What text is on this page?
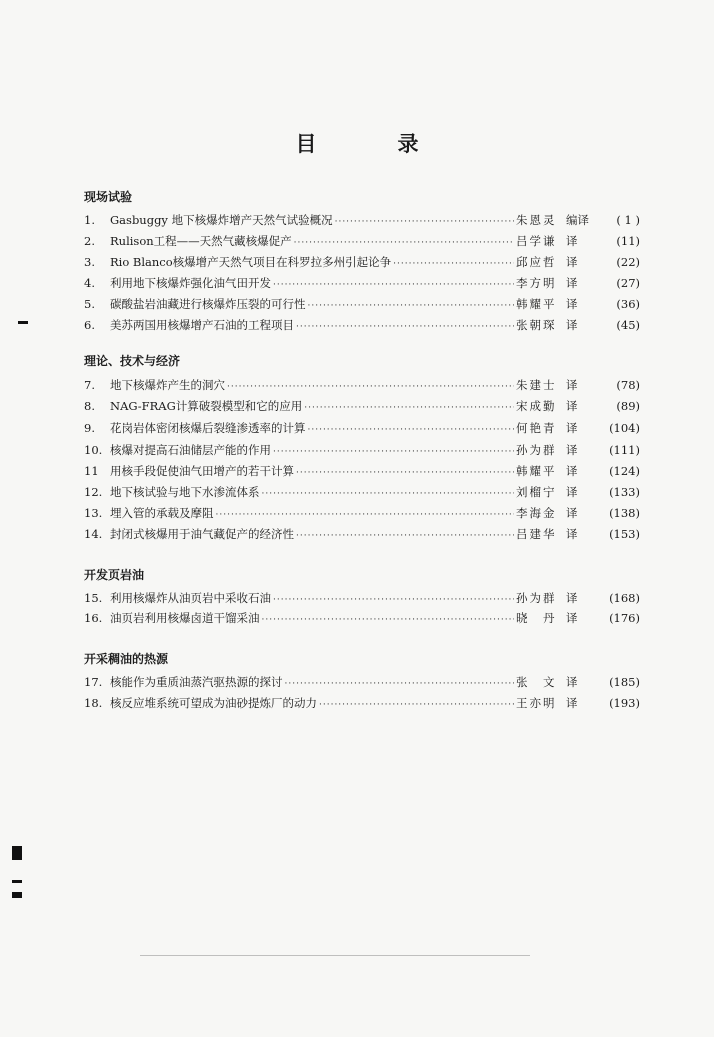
目　录
现场试验
1.	Gasbuggy 地下核爆炸增产天然气试验概况 ·····	朱恩灵 编译	( 1 )
2.	Rulison工程——天然气藏核爆促产 ·····	吕学谦 译	(11)
3.	Rio Blanco核爆增产天然气项目在科罗拉多州引起论争 ·····	邱应哲 译	(22)
4.	利用地下核爆炸强化油气田开发 ·····	李方明 译	(27)
5.	碳酸盐岩油藏进行核爆炸压裂的可行性 ·····	韩耀平 译	(36)
6.	美苏两国用核爆增产石油的工程项目 ·····	张朝琛 译	(45)
理论、技术与经济
7.	地下核爆炸产生的洞穴 ·····	朱建士 译	(78)
8.	NAG-FRAG计算破裂模型和它的应用 ·····	宋成勤 译	(89)
9.	花岗岩体密闭核爆后裂缝渗透率的计算 ·····	何艳青 译	(104)
10. 核爆对提高石油储层产能的作用 ·····	孙为群 译	(111)
11 用核手段促使油气田增产的若干计算 ·····	韩耀平 译	(124)
12. 地下核试验与地下水渗流体系 ·····	刘榴宁 译	(133)
13. 埋入管的承载及摩阻 ·····	李海金 译	(138)
14. 封闭式核爆用于油气藏促产的经济性 ·····	吕建华 译	(153)
开发页岩油
15. 利用核爆炸从油页岩中采收石油 ·····	孙为群 译	(168)
16. 油页岩利用核爆卤道干馏采油 ·····	晓　丹 译	(176)
开采稠油的热源
17. 核能作为重质油蒸汽驱热源的探讨 ·····	张　文 译	(185)
18. 核反应堆系统可望成为油砂提炼厂的动力 ·····	王亦明 译	(193)
